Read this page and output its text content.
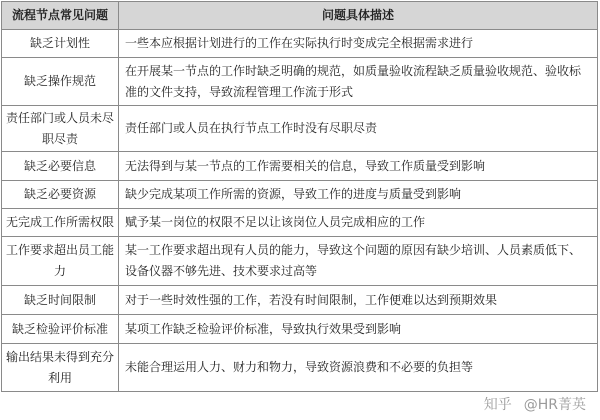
流程节点常见问题	问题具体描述
缺乏计划性	一些本应根据计划进行的工作在实际执行时变成完全根据需求进行
缺乏操作规范	在开展某一节点的工作时缺乏明确的规范，如质量验收流程缺乏质量验收规范、验收标准的文件支持，导致流程管理工作流于形式
责任部门或人员未尽职尽责	责任部门或人员在执行节点工作时没有尽职尽责
缺乏必要信息	无法得到与某一节点的工作需要相关的信息，导致工作质量受到影响
缺乏必要资源	缺少完成某项工作所需的资源，导致工作的进度与质量受到影响
无完成工作所需权限	赋予某一岗位的权限不足以让该岗位人员完成相应的工作
工作要求超出员工能力	某一工作要求超出现有人员的能力，导致这个问题的原因有缺少培训、人员素质低下、设备仪器不够先进、技术要求过高等
缺乏时间限制	对于一些时效性强的工作，若没有时间限制，工作便难以达到预期效果
缺乏检验评价标准	某项工作缺乏检验评价标准，导致执行效果受到影响
输出结果未得到充分利用	未能合理运用人力、财力和物力，导致资源浪费和不必要的负担等
知乎 @HR菁英
